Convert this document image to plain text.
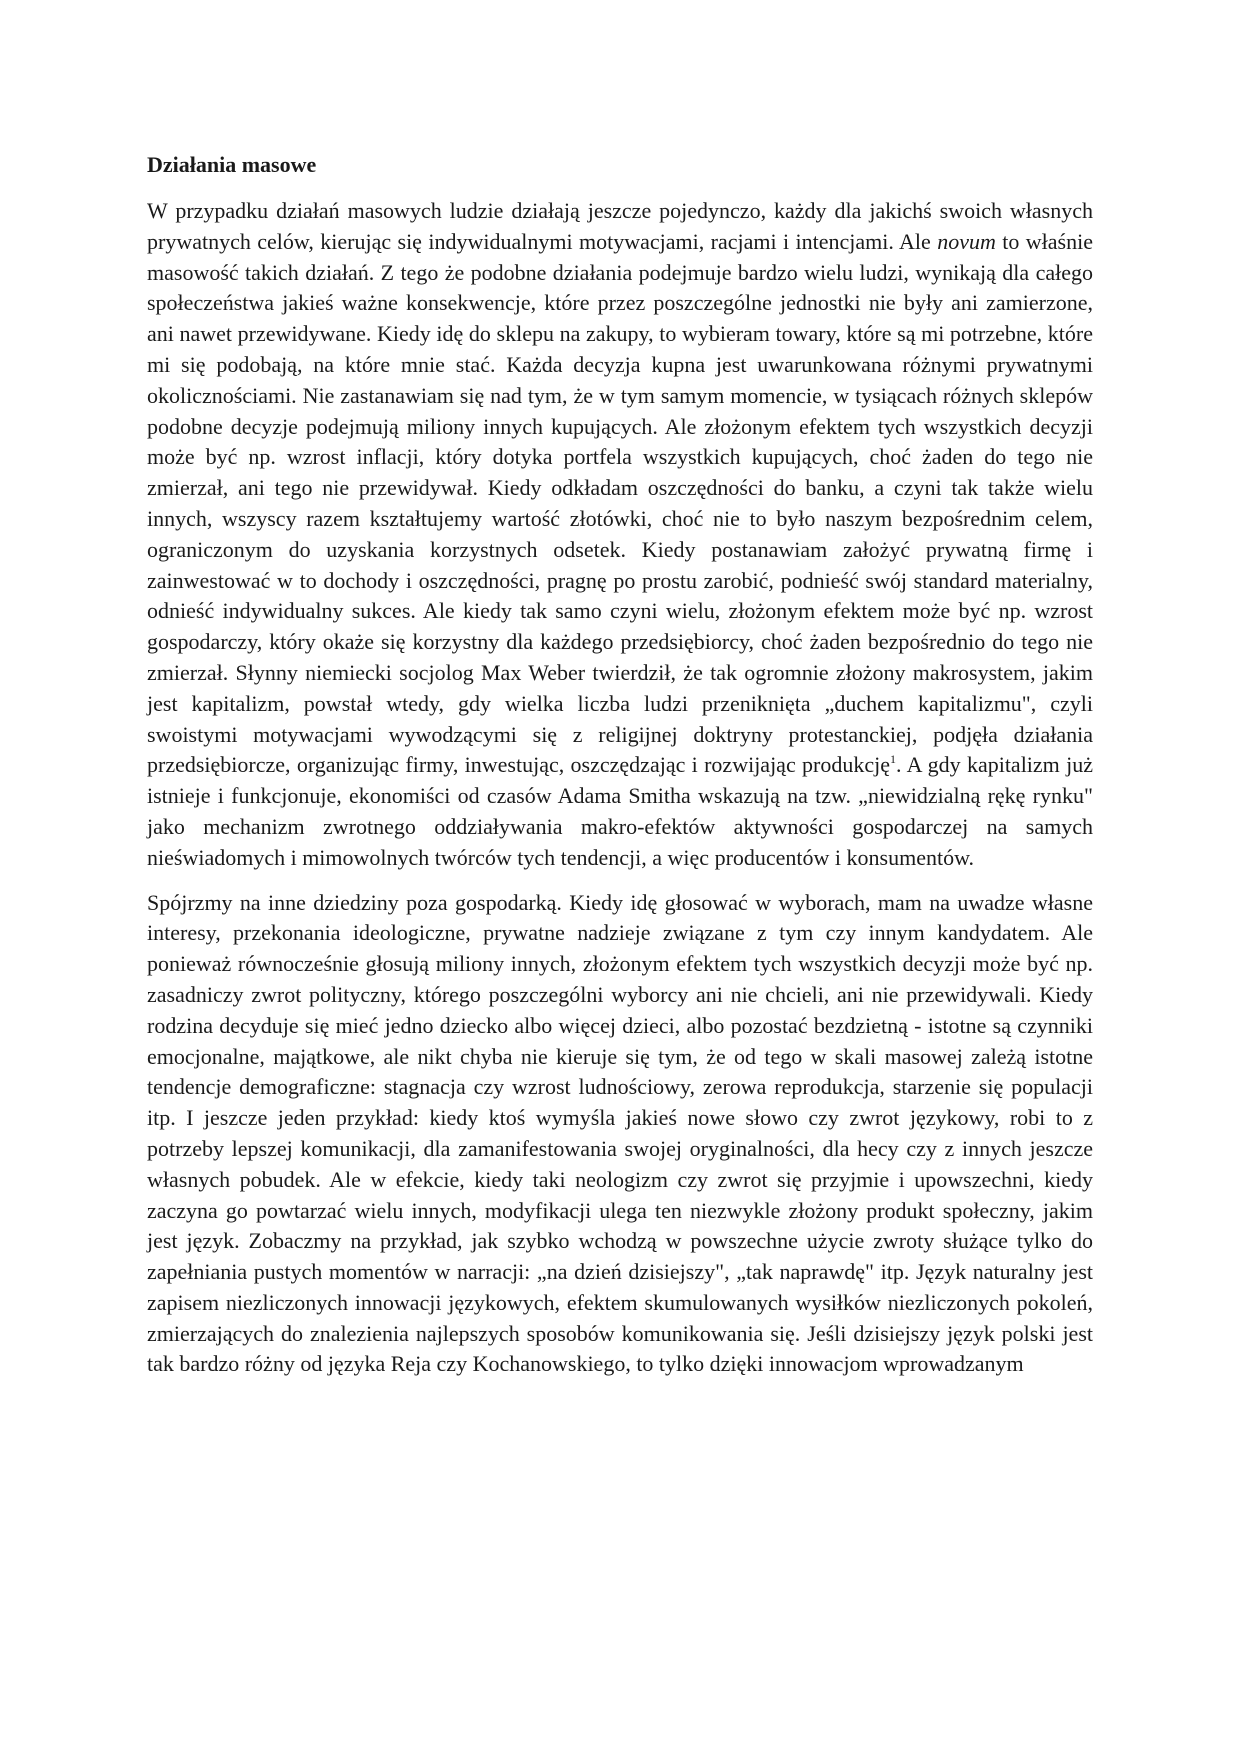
Działania masowe

W przypadku działań masowych ludzie działają jeszcze pojedynczo, każdy dla jakichś swoich własnych prywatnych celów, kierując się indywidualnymi motywacjami, racjami i intencjami. Ale novum to właśnie masowość takich działań. Z tego że podobne działania podejmuje bardzo wielu ludzi, wynikają dla całego społeczeństwa jakieś ważne konsekwencje, które przez poszczególne jednostki nie były ani zamierzone, ani nawet przewidywane. Kiedy idę do sklepu na zakupy, to wybieram towary, które są mi potrzebne, które mi się podobają, na które mnie stać. Każda decyzja kupna jest uwarunkowana różnymi prywatnymi okolicznościami. Nie zastanawiam się nad tym, że w tym samym momencie, w tysiącach różnych sklepów podobne decyzje podejmują miliony innych kupujących. Ale złożonym efektem tych wszystkich decyzji może być np. wzrost inflacji, który dotyka portfela wszystkich kupujących, choć żaden do tego nie zmierzał, ani tego nie przewidywał. Kiedy odkładam oszczędności do banku, a czyni tak także wielu innych, wszyscy razem kształtujemy wartość złotówki, choć nie to było naszym bezpośrednim celem, ograniczonym do uzyskania korzystnych odsetek. Kiedy postanawiam założyć prywatną firmę i zainwestować w to dochody i oszczędności, pragnę po prostu zarobić, podnieść swój standard materialny, odnieść indywidualny sukces. Ale kiedy tak samo czyni wielu, złożonym efektem może być np. wzrost gospodarczy, który okaże się korzystny dla każdego przedsiębiorcy, choć żaden bezpośrednio do tego nie zmierzał. Słynny niemiecki socjolog Max Weber twierdził, że tak ogromnie złożony makrosystem, jakim jest kapitalizm, powstał wtedy, gdy wielka liczba ludzi przeniknięta „duchem kapitalizmu", czyli swoistymi motywacjami wywodzącymi się z religijnej doktryny protestanckiej, podjęła działania przedsiębiorcze, organizując firmy, inwestując, oszczędzając i rozwijając produkcję$^1$. A gdy kapitalizm już istnieje i funkcjonuje, ekonomiści od czasów Adama Smitha wskazują na tzw. „niewidzialną rękę rynku" jako mechanizm zwrotnego oddziaływania makro-efektów aktywności gospodarczej na samych nieświadomych i mimowolnych twórców tych tendencji, a więc producentów i konsumentów.

Spójrzmy na inne dziedziny poza gospodarką. Kiedy idę głosować w wyborach, mam na uwadze własne interesy, przekonania ideologiczne, prywatne nadzieje związane z tym czy innym kandydatem. Ale ponieważ równocześnie głosują miliony innych, złożonym efektem tych wszystkich decyzji może być np. zasadniczy zwrot polityczny, którego poszczególni wyborcy ani nie chcieli, ani nie przewidywali. Kiedy rodzina decyduje się mieć jedno dziecko albo więcej dzieci, albo pozostać bezdzietną - istotne są czynniki emocjonalne, majątkowe, ale nikt chyba nie kieruje się tym, że od tego w skali masowej zależą istotne tendencje demograficzne: stagnacja czy wzrost ludnościowy, zerowa reprodukcja, starzenie się populacji itp. I jeszcze jeden przykład: kiedy ktoś wymyśla jakieś nowe słowo czy zwrot językowy, robi to z potrzeby lepszej komunikacji, dla zamanifestowania swojej oryginalności, dla hecy czy z innych jeszcze własnych pobudek. Ale w efekcie, kiedy taki neologizm czy zwrot się przyjmie i upowszechni, kiedy zaczyna go powtarzać wielu innych, modyfikacji ulega ten niezwykle złożony produkt społeczny, jakim jest język. Zobaczmy na przykład, jak szybko wchodzą w powszechne użycie zwroty służące tylko do zapełniania pustych momentów w narracji: „na dzień dzisiejszy", „tak naprawdę" itp. Język naturalny jest zapisem niezliczonych innowacji językowych, efektem skumulowanych wysiłków niezliczonych pokoleń, zmierzających do znalezienia najlepszych sposobów komunikowania się. Jeśli dzisiejszy język polski jest tak bardzo różny od języka Reja czy Kochanowskiego, to tylko dzięki innowacjom wprowadzanym
